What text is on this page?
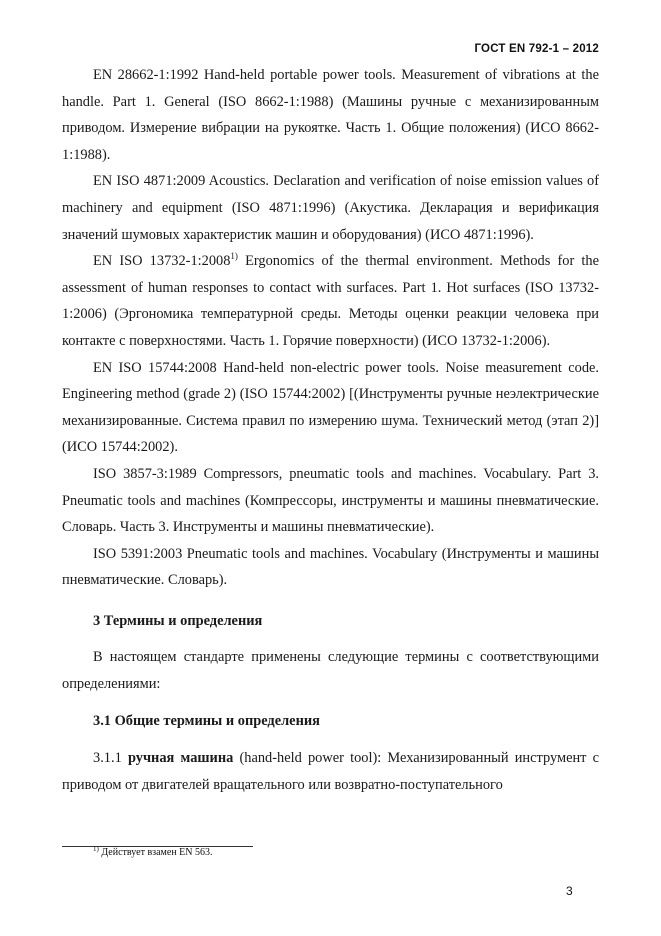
ГОСТ EN 792-1 – 2012

EN 28662-1:1992 Hand-held portable power tools. Measurement of vibrations at the handle. Part 1. General (ISO 8662-1:1988) (Машины ручные с механизированным приводом. Измерение вибрации на рукоятке. Часть 1. Общие положения) (ИСО 8662-1:1988).

EN ISO 4871:2009 Acoustics. Declaration and verification of noise emission values of machinery and equipment (ISO 4871:1996) (Акустика. Декларация и верификация значений шумовых характеристик машин и оборудования) (ИСО 4871:1996).

EN ISO 13732-1:2008$^{1)}$ Ergonomics of the thermal environment. Methods for the assessment of human responses to contact with surfaces. Part 1. Hot surfaces (ISO 13732-1:2006) (Эргономика температурной среды. Методы оценки реакции человека при контакте с поверхностями. Часть 1. Горячие поверхности) (ИСО 13732-1:2006).

EN ISO 15744:2008 Hand-held non-electric power tools. Noise measurement code. Engineering method (grade 2) (ISO 15744:2002) [(Инструменты ручные неэлектрические механизированные. Система правил по измерению шума. Технический метод (этап 2)] (ИСО 15744:2002).

ISO 3857-3:1989 Compressors, pneumatic tools and machines. Vocabulary. Part 3. Pneumatic tools and machines (Компрессоры, инструменты и машины пневматические. Словарь. Часть 3. Инструменты и машины пневматические).

ISO 5391:2003 Pneumatic tools and machines. Vocabulary (Инструменты и машины пневматические. Словарь).

3 Термины и определения

В настоящем стандарте применены следующие термины с соответствующими определениями:

3.1 Общие термины и определения

3.1.1 ручная машина (hand-held power tool): Механизированный инструмент с приводом от двигателей вращательного или возвратно-поступательного

$^{1)}$ Действует взамен EN 563.
3
